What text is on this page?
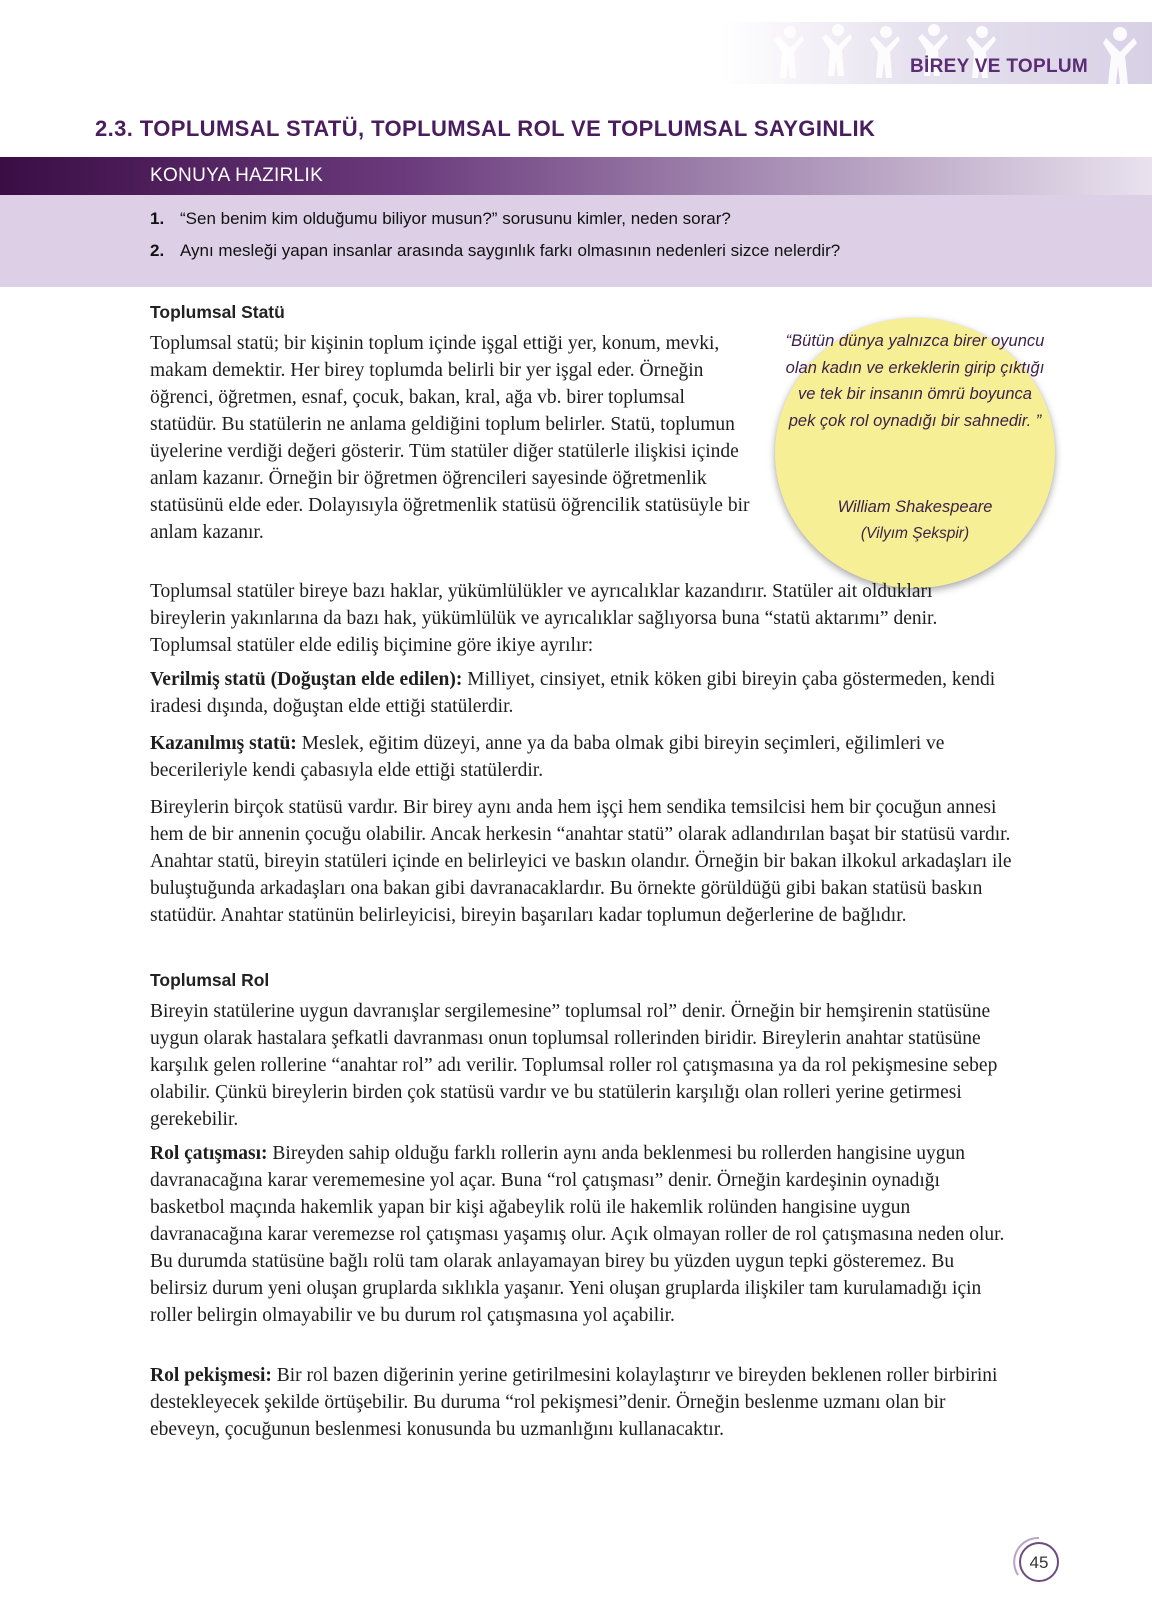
BİREY VE TOPLUM
2.3. TOPLUMSAL STATÜ, TOPLUMSAL ROL VE TOPLUMSAL SAYGINLIK
KONUYA HAZIRLIK
1. “Sen benim kim olduğumu biliyor musun?” sorusunu kimler, neden sorar?
2. Aynı mesleği yapan insanlar arasında saygınlık farkı olmasının nedenleri sizce nelerdir?
Toplumsal Statü

Toplumsal statü; bir kişinin toplum içinde işgal ettiği yer, konum, mevki, makam demektir. Her birey toplumda belirli bir yer işgal eder. Örneğin öğrenci, öğretmen, esnaf, çocuk, bakan, kral, ağa vb. birer toplumsal statüdür. Bu statülerin ne anlama geldiğini toplum belirler. Statü, toplumun üyelerine verdiği değeri gösterir. Tüm statüler diğer statülerle ilişkisi içinde anlam kazanır. Örneğin bir öğretmen öğrencileri sayesinde öğretmenlik statüsünü elde eder. Dolayısıyla öğretmenlik statüsü öğrencilik statüsüyle bir anlam kazanır.

“Bütün dünya yalnızca birer oyuncu olan kadın ve erkeklerin girip çıktığı ve tek bir insanın ömrü boyunca pek çok rol oynadığı bir sahnedir. ”
William Shakespeare
(Vilyım Şekspir)

Toplumsal statüler bireye bazı haklar, yükümlülükler ve ayrıcalıklar kazandırır. Statüler ait oldukları bireylerin yakınlarına da bazı hak, yükümlülük ve ayrıcalıklar sağlıyorsa buna “statü aktarımı” denir. Toplumsal statüler elde ediliş biçimine göre ikiye ayrılır:

Verilmiş statü (Doğuştan elde edilen): Milliyet, cinsiyet, etnik köken gibi bireyin çaba göstermeden, kendi iradesi dışında, doğuştan elde ettiği statülerdir.

Kazanılmış statü: Meslek, eğitim düzeyi, anne ya da baba olmak gibi bireyin seçimleri, eğilimleri ve becerileriyle kendi çabasıyla elde ettiği statülerdir.

Bireylerin birçok statüsü vardır. Bir birey aynı anda hem işçi hem sendika temsilcisi hem bir çocuğun annesi hem de bir annenin çocuğu olabilir. Ancak herkesin “anahtar statü” olarak adlandırılan başat bir statüsü vardır. Anahtar statü, bireyin statüleri içinde en belirleyici ve baskın olandır. Örneğin bir bakan ilkokul arkadaşları ile buluştuğunda arkadaşları ona bakan gibi davranacaklardır. Bu örnekte görüldüğü gibi bakan statüsü baskın statüdür. Anahtar statünün belirleyicisi, bireyin başarıları kadar toplumun değerlerine de bağlıdır.

Toplumsal Rol

Bireyin statülerine uygun davranışlar sergilemesine” toplumsal rol” denir. Örneğin bir hemşirenin statüsüne uygun olarak hastalara şefkatli davranması onun toplumsal rollerinden biridir. Bireylerin anahtar statüsüne karşılık gelen rollerine “anahtar rol” adı verilir. Toplumsal roller rol çatışmasına ya da rol pekişmesine sebep olabilir. Çünkü bireylerin birden çok statüsü vardır ve bu statülerin karşılığı olan rolleri yerine getirmesi gerekebilir.

Rol çatışması: Bireyden sahip olduğu farklı rollerin aynı anda beklenmesi bu rollerden hangisine uygun davranacağına karar verememesine yol açar. Buna “rol çatışması” denir. Örneğin kardeşinin oynadığı basketbol maçında hakemlik yapan bir kişi ağabeylik rolü ile hakemlik rolünden hangisine uygun davranacağına karar veremezse rol çatışması yaşamış olur. Açık olmayan roller de rol çatışmasına neden olur. Bu durumda statüsüne bağlı rolü tam olarak anlayamayan birey bu yüzden uygun tepki gösteremez. Bu belirsiz durum yeni oluşan gruplarda sıklıkla yaşanır. Yeni oluşan gruplarda ilişkiler tam kurulamadığı için roller belirgin olmayabilir ve bu durum rol çatışmasına yol açabilir.

Rol pekişmesi: Bir rol bazen diğerinin yerine getirilmesini kolaylaştırır ve bireyden beklenen roller birbirini destekleyecek şekilde örtüşebilir. Bu duruma “rol pekişmesi”denir. Örneğin beslenme uzmanı olan bir ebeveyn, çocuğunun beslenmesi konusunda bu uzmanlığını kullanacaktır.

45
